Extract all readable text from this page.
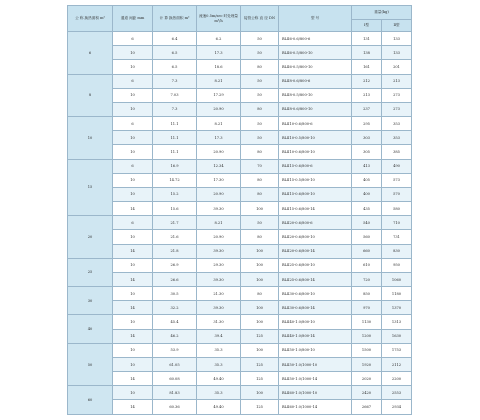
公 称 换热面积 m²	通道 间距 mm	计 算 换热面积 m²	流速0.5m/sec 时处理量 m³/h	接管公称 直 径 DN	型 号	重量(kg)	
						Ⅰ型	Ⅱ型
6	6	6.4	6.2	50	BLⅡ6-0.6/800-6	131	133
	10	6.5	17.3	50	BLⅡ6-0.5/800-10	138	133
	10	6.5	18.6	80	BLⅡ6-0.5/800-10	161	201
8	6	7.3	8.21	50	BLⅡ8-0.6/800-6	212	213
	10	7.03	17.29	50	BLⅡ8-0.5/800-10	213	273
	10	7.3	20.90	80	BLⅡ8-0.6/800-10	237	273
10	6	11.1	8.21	50	BLⅡ10-0.6/800-6	295	353
	10	11.1	17.3	50	BLⅡ10-0.5/800-10	303	353
	10	11.1	20.90	80	BLⅡ10-0.6/800-10	305	385
15	6	16.9	12.34	70	BLⅡ15-0.6/800-6	413	490
	10	14.72	17.30	80	BLⅡ15-0.5/800-10	405	573
	10	15.2	20.90	80	BLⅡ15-0.6/800-10	400	570
	14	15.6	39.30	100	BLⅡ15-0.6/800-14	435	580
20	6	21.7	8.21	50	BLⅡ20-0.6/800-6	540	710
	10	21.6	20.90	80	BLⅡ20-0.6/800-10	560	731
	14	21.8	39.30	100	BLⅡ20-0.6/800-14	660	830
25	10	26.9	29.30	100	BLⅡ25-0.6/800-10	610	950
	14	26.6	39.30	100	BLⅡ25-0.6/800-14	720	1060
30	10	30.5	21.30	80	BLⅡ30-0.6/800-10	850	1180
	14	32.2	39.30	100	BLⅡ30-0.6/800-14	970	1370
40	10	45.4	31.30	100	BLⅡ40-1.0/800-10	1130	1313
	14	46.2	39.4	125	BLⅡ40-1.0/800-14	1200	1630
50	10	53.9	35.3	100	BLⅡ50-1.0/800-10	1500	1753
	10	61.05	35.3	125	BLⅡ50-1.0/1000-10	1920	2112
	14	60.08	49.40	125	BLⅡ50-1.0/1000-14	2020	2200
60	10	81.83	35.3	100	BLⅡ60-1.0/1000-10	2420	2553
	14	60.36	49.40	125	BLⅡ60-1.0/1000-14	2667	2934
